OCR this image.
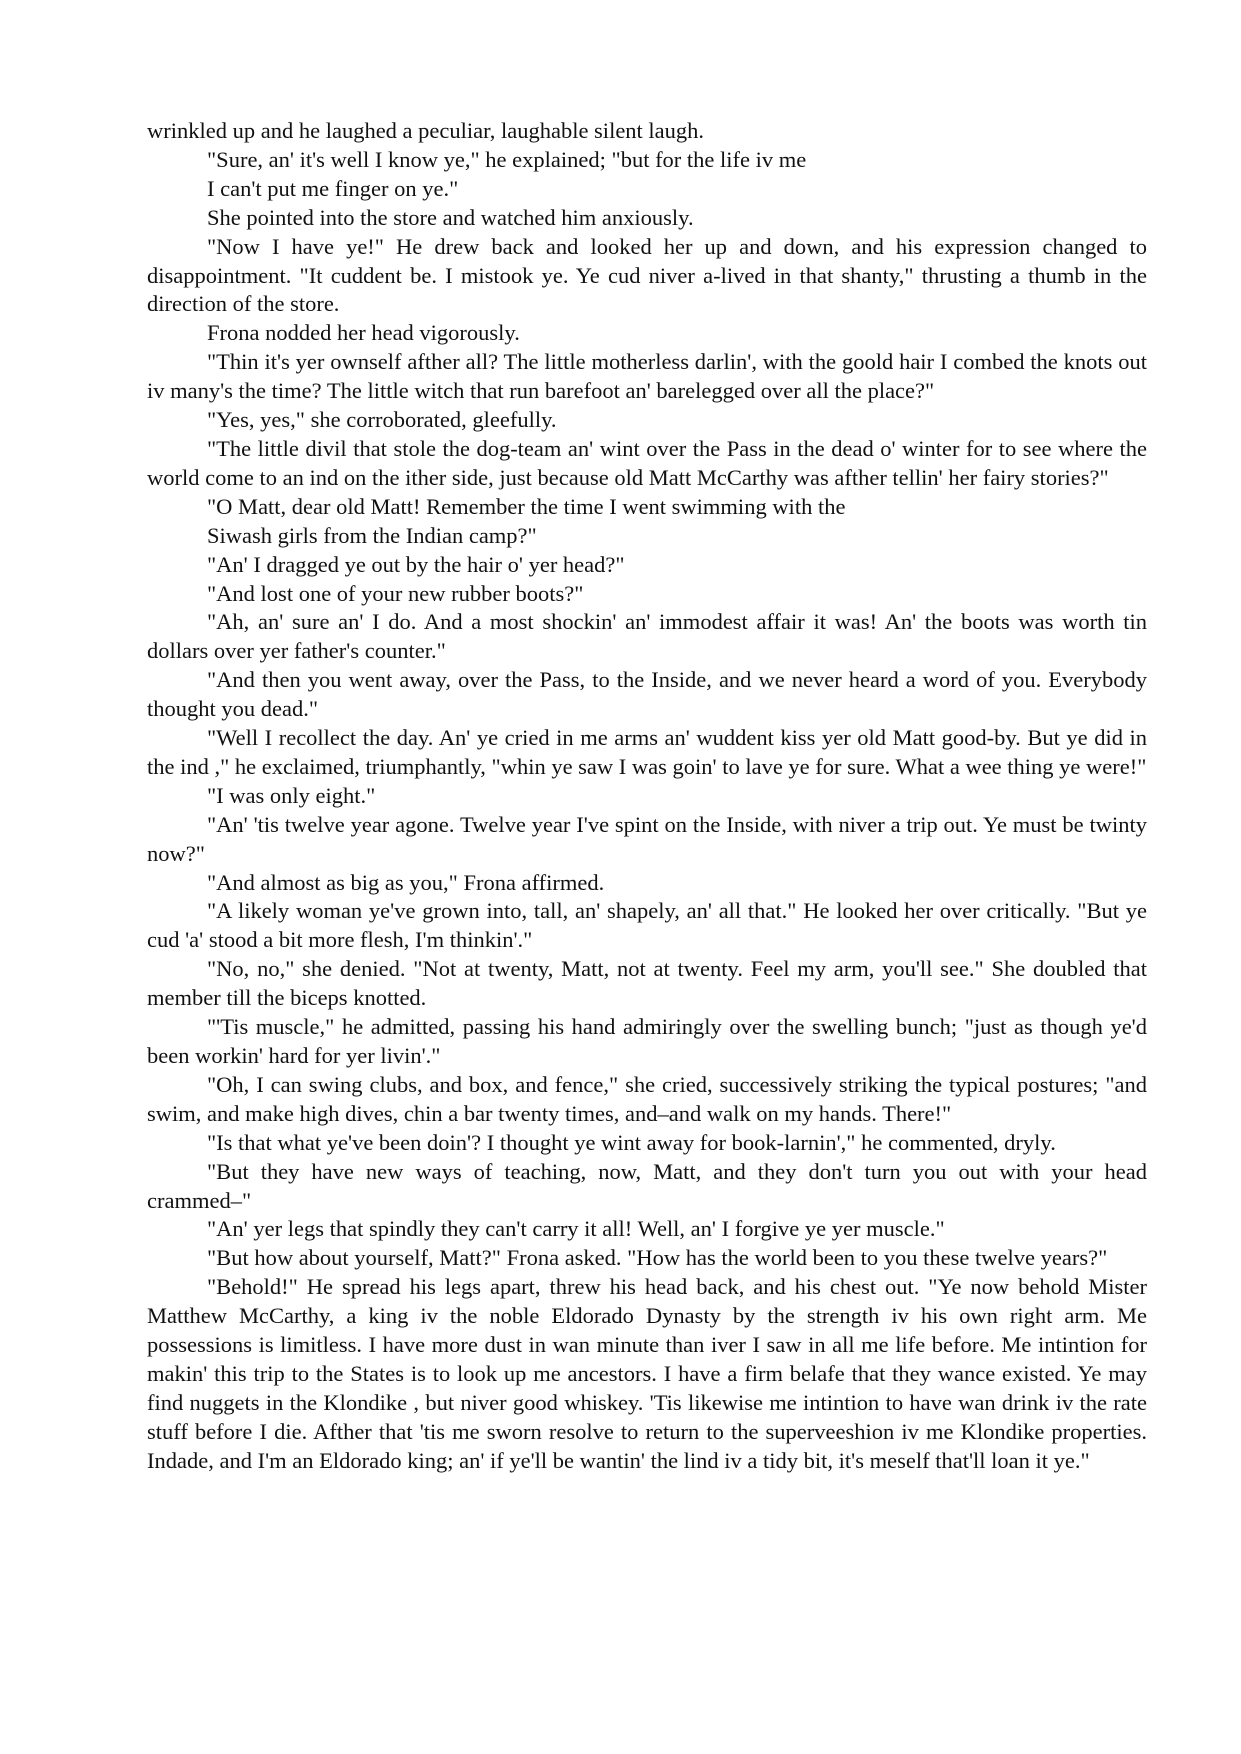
wrinkled up and he laughed a peculiar, laughable silent laugh.

"Sure, an' it's well I know ye," he explained; "but for the life iv me

I can't put me finger on ye."

She pointed into the store and watched him anxiously.

"Now I have ye!" He drew back and looked her up and down, and his expression changed to disappointment. "It cuddent be. I mistook ye. Ye cud niver a-lived in that shanty," thrusting a thumb in the direction of the store.

Frona nodded her head vigorously.

"Thin it's yer ownself afther all? The little motherless darlin', with the goold hair I combed the knots out iv many's the time? The little witch that run barefoot an' barelegged over all the place?"

"Yes, yes," she corroborated, gleefully.

"The little divil that stole the dog-team an' wint over the Pass in the dead o' winter for to see where the world come to an ind on the ither side, just because old Matt McCarthy was afther tellin' her fairy stories?"

"O Matt, dear old Matt! Remember the time I went swimming with the

Siwash girls from the Indian camp?"

"An' I dragged ye out by the hair o' yer head?"

"And lost one of your new rubber boots?"

"Ah, an' sure an' I do. And a most shockin' an' immodest affair it was! An' the boots was worth tin dollars over yer father's counter."

"And then you went away, over the Pass, to the Inside, and we never heard a word of you. Everybody thought you dead."

"Well I recollect the day. An' ye cried in me arms an' wuddent kiss yer old Matt good-by. But ye did in the ind ," he exclaimed, triumphantly, "whin ye saw I was goin' to lave ye for sure. What a wee thing ye were!"

"I was only eight."

"An' 'tis twelve year agone. Twelve year I've spint on the Inside, with niver a trip out. Ye must be twinty now?"

"And almost as big as you," Frona affirmed.

"A likely woman ye've grown into, tall, an' shapely, an' all that." He looked her over critically. "But ye cud 'a' stood a bit more flesh, I'm thinkin'."

"No, no," she denied. "Not at twenty, Matt, not at twenty. Feel my arm, you'll see." She doubled that member till the biceps knotted.

"'Tis muscle," he admitted, passing his hand admiringly over the swelling bunch; "just as though ye'd been workin' hard for yer livin'."

"Oh, I can swing clubs, and box, and fence," she cried, successively striking the typical postures; "and swim, and make high dives, chin a bar twenty times, and–and walk on my hands. There!"

"Is that what ye've been doin'? I thought ye wint away for book-larnin'," he commented, dryly.

"But they have new ways of teaching, now, Matt, and they don't turn you out with your head crammed–"

"An' yer legs that spindly they can't carry it all! Well, an' I forgive ye yer muscle."

"But how about yourself, Matt?" Frona asked. "How has the world been to you these twelve years?"

"Behold!" He spread his legs apart, threw his head back, and his chest out. "Ye now behold Mister Matthew McCarthy, a king iv the noble Eldorado Dynasty by the strength iv his own right arm. Me possessions is limitless. I have more dust in wan minute than iver I saw in all me life before. Me intintion for makin' this trip to the States is to look up me ancestors. I have a firm belafe that they wance existed. Ye may find nuggets in the Klondike , but niver good whiskey. 'Tis likewise me intintion to have wan drink iv the rate stuff before I die. Afther that 'tis me sworn resolve to return to the superveeshion iv me Klondike properties. Indade, and I'm an Eldorado king; an' if ye'll be wantin' the lind iv a tidy bit, it's meself that'll loan it ye."
